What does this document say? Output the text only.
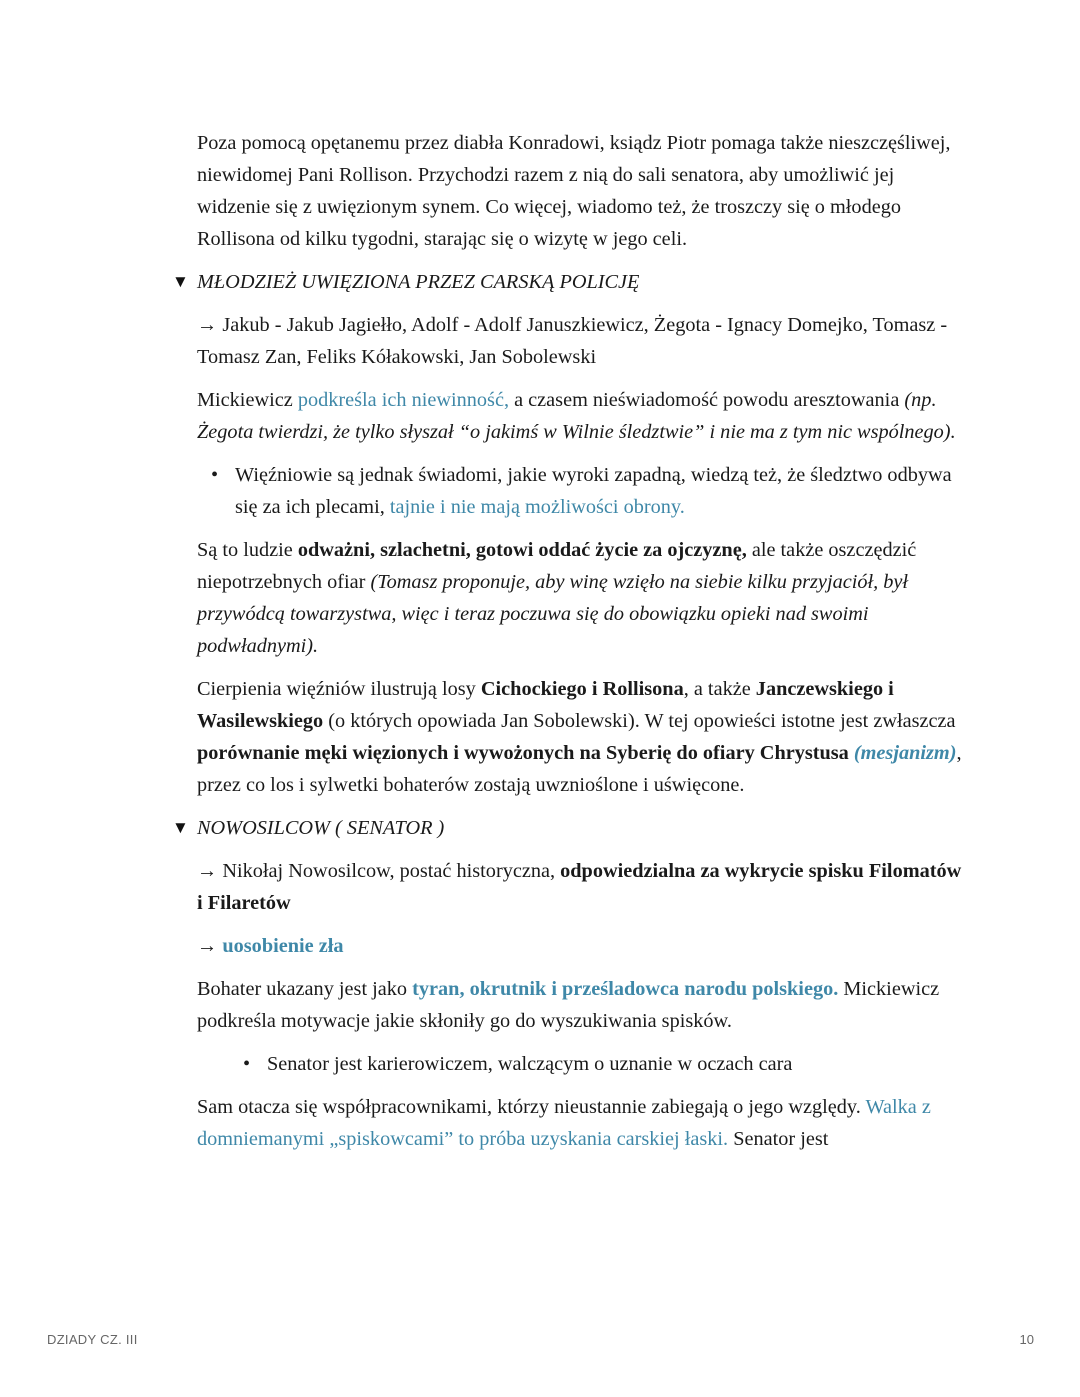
Poza pomocą opętanemu przez diabła Konradowi, ksiądz Piotr pomaga także nieszczęśliwej, niewidomej Pani Rollison. Przychodzi razem z nią do sali senatora, aby umożliwić jej widzenie się z uwięzionym synem. Co więcej, wiadomo też, że troszczy się o młodego Rollisona od kilku tygodni, starając się o wizytę w jego celi.

▼ MŁODZIEŻ UWIĘZIONA PRZEZ CARSKĄ POLICJĘ

→ Jakub - Jakub Jagiełło, Adolf - Adolf Januszkiewicz, Żegota - Ignacy Domejko, Tomasz - Tomasz Zan, Feliks Kółakowski, Jan Sobolewski

Mickiewicz podkreśla ich niewinność, a czasem nieświadomość powodu aresztowania (np. Żegota twierdzi, że tylko słyszał “o jakimś w Wilnie śledztwie” i nie ma z tym nic wspólnego).

• Więźniowie są jednak świadomi, jakie wyroki zapadną, wiedzą też, że śledztwo odbywa się za ich plecami, tajnie i nie mają możliwości obrony.

Są to ludzie odważni, szlachetni, gotowi oddać życie za ojczyznę, ale także oszczędzić niepotrzebnych ofiar (Tomasz proponuje, aby winę wzięło na siebie kilku przyjaciół, był przywódcą towarzystwa, więc i teraz poczuwa się do obowiązku opieki nad swoimi podwładnymi).

Cierpienia więźniów ilustrują losy Cichockiego i Rollisona, a także Janczewskiego i Wasilewskiego (o których opowiada Jan Sobolewski). W tej opowieści istotne jest zwłaszcza porównanie męki więzionych i wywożonych na Syberię do ofiary Chrystusa (mesjanizm), przez co los i sylwetki bohaterów zostają uwznioślone i uświęcone.

▼ NOWOSILCOW ( SENATOR )

→ Nikołaj Nowosilcow, postać historyczna, odpowiedzialna za wykrycie spisku Filomatów i Filaretów

→ uosobienie zła

Bohater ukazany jest jako tyran, okrutnik i prześladowca narodu polskiego. Mickiewicz podkreśla motywacje jakie skłoniły go do wyszukiwania spisków.

• Senator jest karierowiczem, walczącym o uznanie w oczach cara

Sam otacza się współpracownikami, którzy nieustannie zabiegają o jego względy. Walka z domniemanymi „spiskowcami” to próba uzyskania carskiej łaski. Senator jest

DZIADY CZ. III	10
